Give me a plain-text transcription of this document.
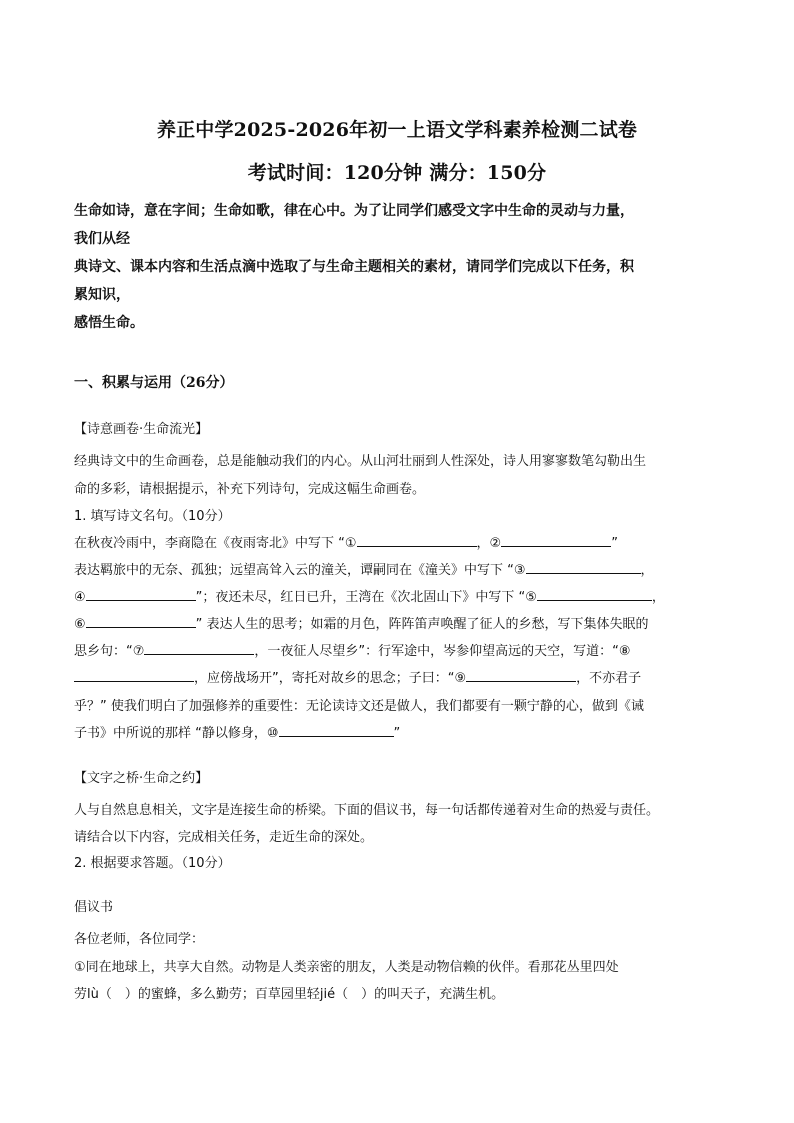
养正中学2025-2026年初一上语文学科素养检测二试卷
考试时间：120分钟 满分：150分
生命如诗，意在字间；生命如歌，律在心中。为了让同学们感受文字中生命的灵动与力量，
我们从经
典诗文、课本内容和生活点滴中选取了与生命主题相关的素材，请同学们完成以下任务，积
累知识，
感悟生命。
一、积累与运用（26分）
【诗意画卷·生命流光】
经典诗文中的生命画卷，总是能触动我们的内心。从山河壮丽到人性深处，诗人用寥寥数笔勾勒出生
命的多彩，请根据提示，补充下列诗句，完成这幅生命画卷。
1. 填写诗文名句。（10分）
在秋夜冷雨中，李商隐在《夜雨寄北》中写下 “①	，②	”
表达羁旅中的无奈、孤独；远望高耸入云的潼关，谭嗣同在《潼关》中写下 “③	，
④	”；夜还未尽，红日已升，王湾在《次北固山下》中写下 “⑤	，
⑥	” 表达人生的思考；如霜的月色，阵阵笛声唤醒了征人的乡愁，写下集体失眠的
思乡句：“⑦	，一夜征人尽望乡”：行军途中，岑参仰望高远的天空，写道：“⑧
，应傍战场开”，寄托对故乡的思念；子曰：“⑨	，不亦君子
乎？” 使我们明白了加强修养的重要性：无论读诗文还是做人，我们都要有一颗宁静的心，做到《诫
子书》中所说的那样 “静以修身，⑩	”
【文字之桥·生命之约】
人与自然息息相关，文字是连接生命的桥梁。下面的倡议书，每一句话都传递着对生命的热爱与责任。
请结合以下内容，完成相关任务，走近生命的深处。
2. 根据要求答题。（10分）
倡议书
各位老师，各位同学：
①同在地球上，共享大自然。动物是人类亲密的朋友，人类是动物信赖的伙伴。看那花丛里四处
劳lù（　）的蜜蜂，多么勤劳；百草园里轻jié（　）的叫天子，充满生机。
